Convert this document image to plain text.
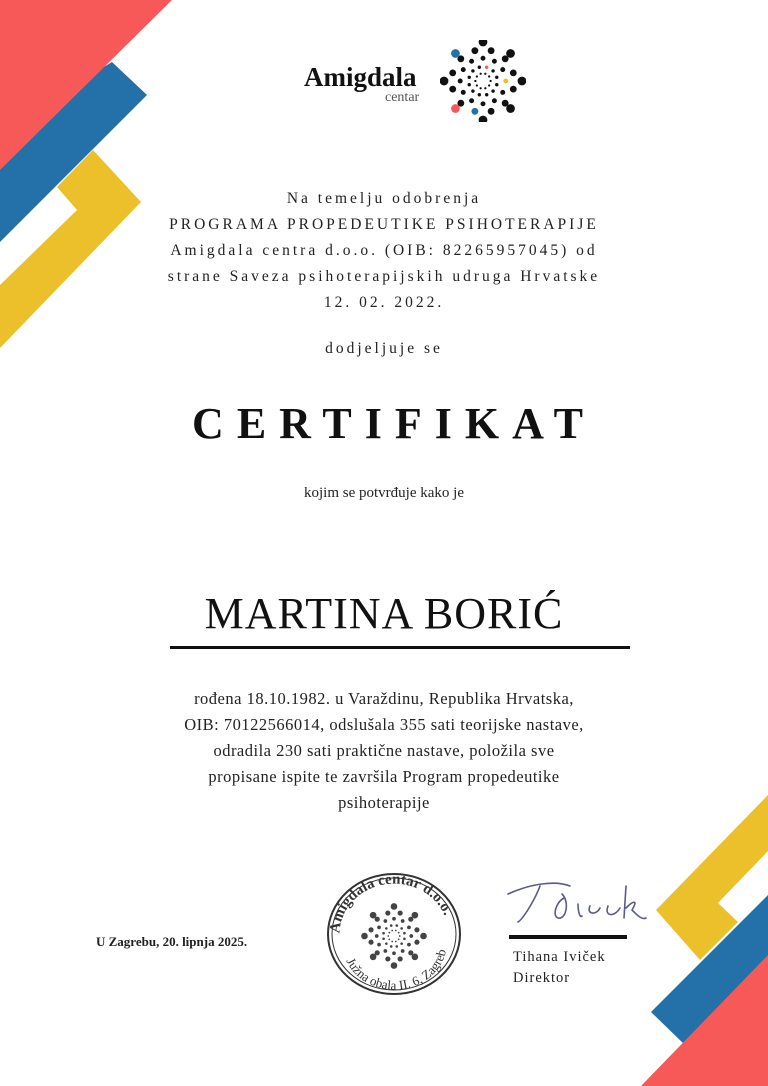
Amigdala
centar
Na temelju odobrenja
PROGRAMA PROPEDEUTIKE PSIHOTERAPIJE
Amigdala centra d.o.o. (OIB: 82265957045) od
strane Saveza psihoterapijskih udruga Hrvatske
12. 02. 2022.
dodjeljuje se
CERTIFIKAT
kojim se potvrđuje kako je
MARTINA BORIĆ
rođena 18.10.1982. u Varaždinu, Republika Hrvatska,
OIB: 70122566014, odslušala 355 sati teorijske nastave,
odradila 230 sati praktične nastave, položila sve
propisane ispite te završila Program propedeutike
psihoterapije
U Zagrebu, 20. lipnja 2025.
Amigdala centar d.o.o.
Južna obala II. 6, Zagreb	Tihana Iviček
Direktor
